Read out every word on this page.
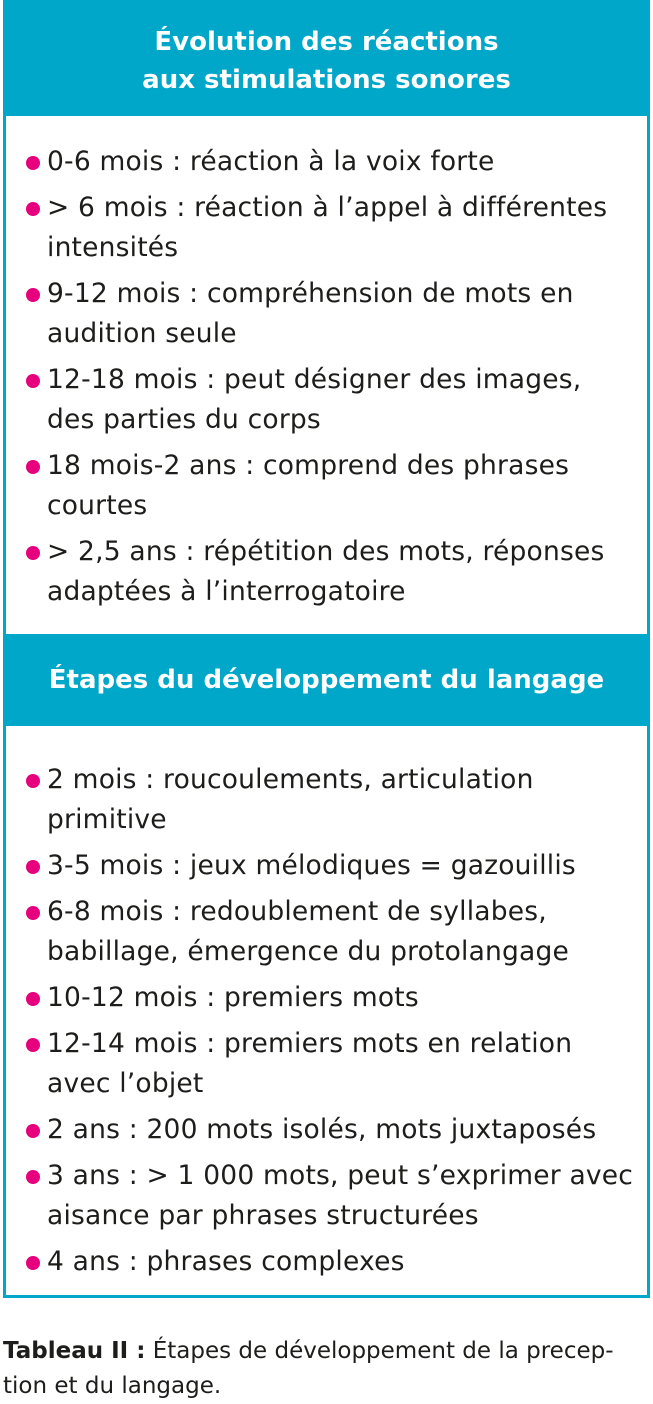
Évolution des réactions
aux stimulations sonores
0-6 mois : réaction à la voix forte
> 6 mois : réaction à l’appel à différentes intensités
9-12 mois : compréhension de mots en audition seule
12-18 mois : peut désigner des images, des parties du corps
18 mois-2 ans : comprend des phrases courtes
> 2,5 ans : répétition des mots, réponses adaptées à l’interrogatoire
Étapes du développement du langage
2 mois : roucoulements, articulation primitive
3-5 mois : jeux mélodiques = gazouillis
6-8 mois : redoublement de syllabes, babillage, émergence du protolangage
10-12 mois : premiers mots
12-14 mois : premiers mots en relation avec l’objet
2 ans : 200 mots isolés, mots juxtaposés
3 ans : > 1 000 mots, peut s’exprimer avec aisance par phrases structurées
4 ans : phrases complexes
Tableau II : Étapes de développement de la preception et du langage.
